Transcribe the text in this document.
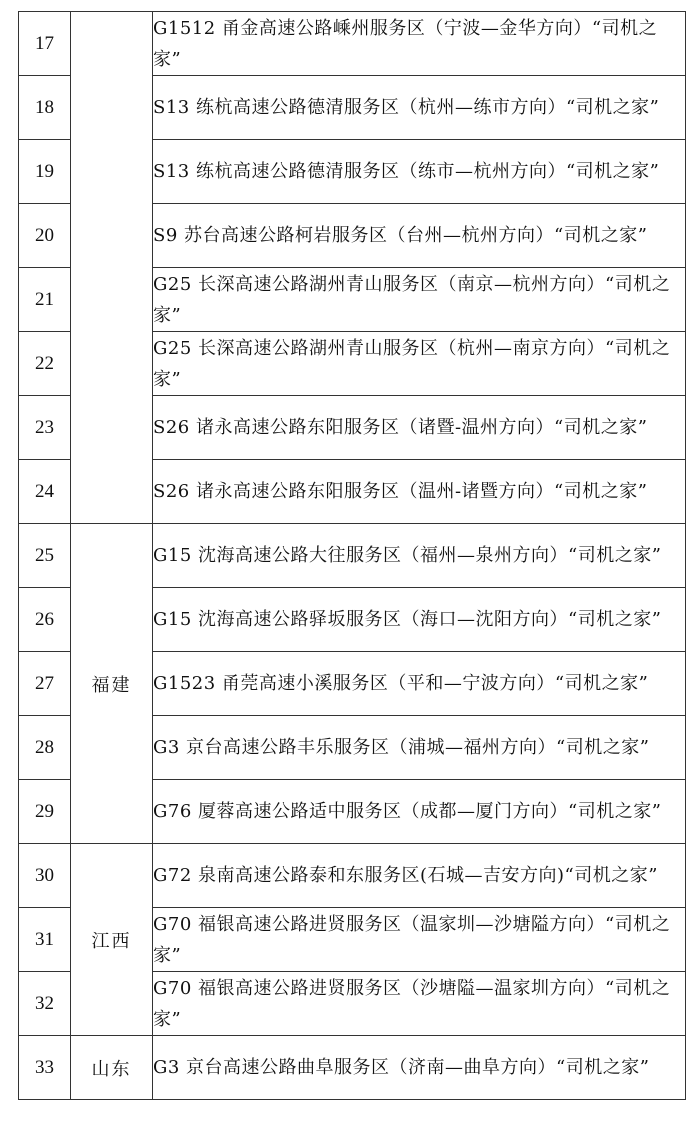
17		G1512 甬金高速公路嵊州服务区（宁波—金华方向）“司机之家”
18		S13 练杭高速公路德清服务区（杭州—练市方向）“司机之家”
19		S13 练杭高速公路德清服务区（练市—杭州方向）“司机之家”
20		S9 苏台高速公路柯岩服务区（台州—杭州方向）“司机之家”
21		G25 长深高速公路湖州青山服务区（南京—杭州方向）“司机之家”
22		G25 长深高速公路湖州青山服务区（杭州—南京方向）“司机之家”
23		S26 诸永高速公路东阳服务区（诸暨-温州方向）“司机之家”
24		S26 诸永高速公路东阳服务区（温州-诸暨方向）“司机之家”
25	福建	G15 沈海高速公路大往服务区（福州—泉州方向）“司机之家”
26		G15 沈海高速公路驿坂服务区（海口—沈阳方向）“司机之家”
27		G1523 甬莞高速小溪服务区（平和—宁波方向）“司机之家”
28		G3 京台高速公路丰乐服务区（浦城—福州方向）“司机之家”
29		G76 厦蓉高速公路适中服务区（成都—厦门方向）“司机之家”
30	江西	G72 泉南高速公路泰和东服务区(石城—吉安方向)“司机之家”
31		G70 福银高速公路进贤服务区（温家圳—沙塘隘方向）“司机之家”
32		G70 福银高速公路进贤服务区（沙塘隘—温家圳方向）“司机之家”
33	山东	G3 京台高速公路曲阜服务区（济南—曲阜方向）“司机之家”
